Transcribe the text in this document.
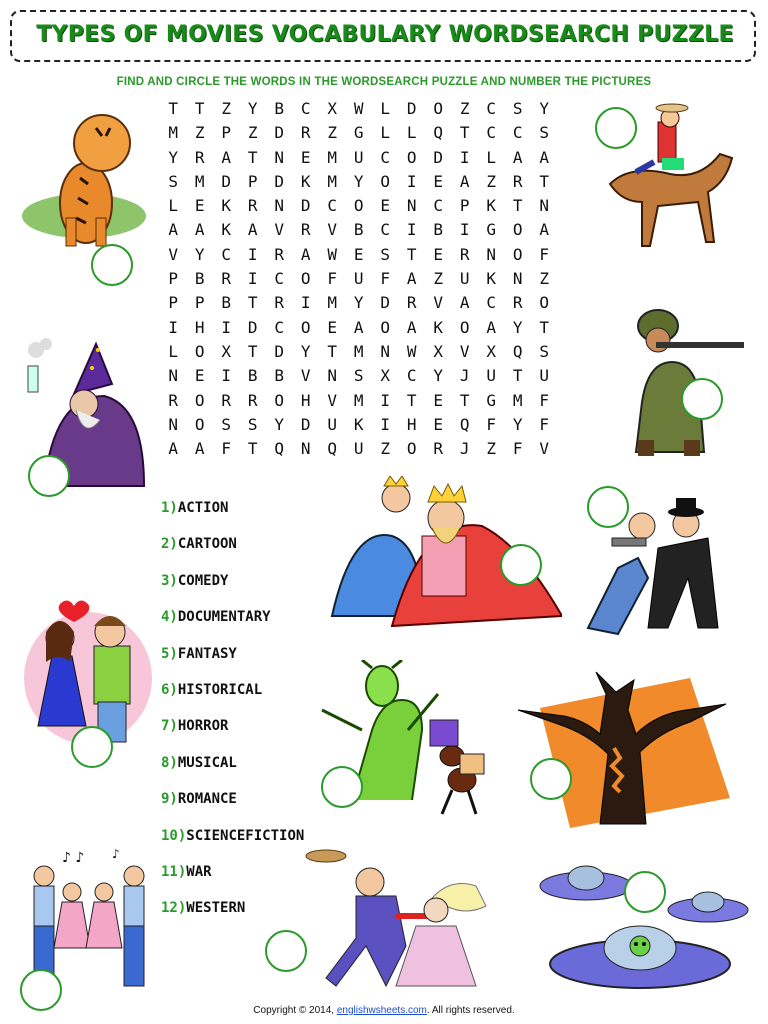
TYPES OF MOVIES VOCABULARY WORDSEARCH PUZZLE
FIND AND CIRCLE THE WORDS IN THE WORDSEARCH PUZZLE AND NUMBER THE PICTURES
T T Z Y B C X W L D O Z C S Y
M Z P Z D R Z G L L Q T C C S
Y R A T N E M U C O D I L A A
S M D P D K M Y O I E A Z R T
L E K R N D C O E N C P K T N
A A K A V R V B C I B I G O A
V Y C I R A W E S T E R N O F
P B R I C O F U F A Z U K N Z
P P B T R I M Y D R V A C R O
I H I D C O E A O A K O A Y T
L O X T D Y T M N W X V X Q S
N E I B B V N S X C Y J U T U
R O R R O H V M I T E T G M F
N O S S Y D U K I H E Q F Y F
A A F T Q N Q U Z O R J Z F V
1)ACTION
2)CARTOON
3)COMEDY
4)DOCUMENTARY
5)FANTASY
6)HISTORICAL
7)HORROR
8)MUSICAL
9)ROMANCE
10)SCIENCEFICTION
11)WAR
12)WESTERN
♪ ♪ ♪
Copyright © 2014, englishwsheets.com. All rights reserved.
